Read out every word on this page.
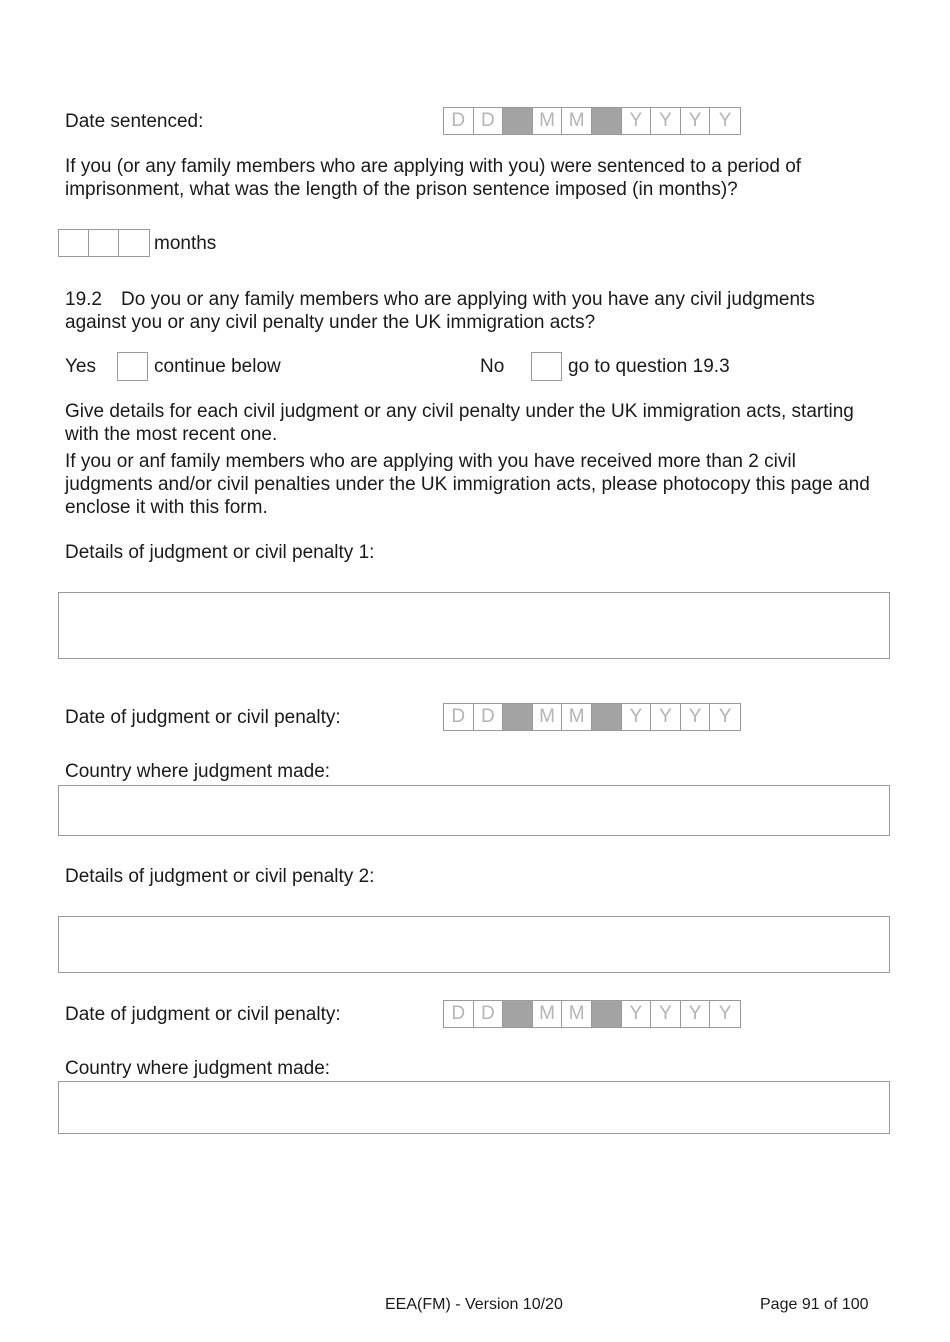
Date sentenced:	D D	M M	Y Y Y Y
If you (or any family members who are applying with you) were sentenced to a period of imprisonment, what was the length of the prison sentence imposed (in months)?
months
19.2	Do you or any family members who are applying with you have any civil judgments against you or any civil penalty under the UK immigration acts?
Yes	continue below	No	go to question 19.3
Give details for each civil judgment or any civil penalty under the UK immigration acts, starting with the most recent one.
If you or anf family members who are applying with you have received more than 2 civil judgments and/or civil penalties under the UK immigration acts, please photocopy this page and enclose it with this form.
Details of judgment or civil penalty 1:
Date of judgment or civil penalty:	D D	M M	Y Y Y Y
Country where judgment made:
Details of judgment or civil penalty 2:
Date of judgment or civil penalty:	D D	M M	Y Y Y Y
Country where judgment made:
EEA(FM) - Version 10/20	Page 91 of 100
